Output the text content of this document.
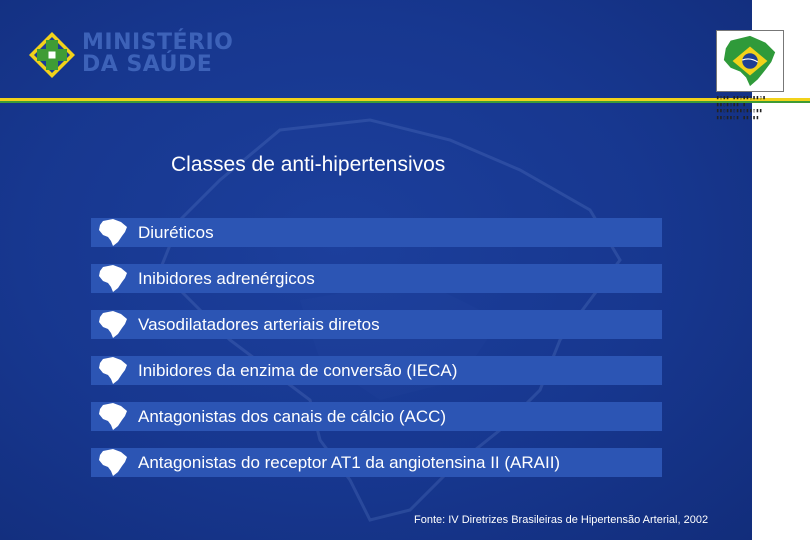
MINISTÉRIO
DA SAÚDE
Classes de anti-hipertensivos
Diuréticos
Inibidores adrenérgicos
Vasodilatadores arteriais diretos
Inibidores da enzima de conversão (IECA)
Antagonistas dos canais de cálcio (ACC)
Antagonistas do receptor AT1 da angiotensina II (ARAII)
Fonte: IV Diretrizes Brasileiras de Hipertensão Arterial, 2002
▮▯▮▮ ▮▮▯▮▮▯▮▮▯▮
▮▮▯▮▯▮▮ ▮
▮▮▯▮▮▯▮▮▯▮▮▯▮▮
▮▮▯▮▮▯▮ ▮▮▯▮▮
